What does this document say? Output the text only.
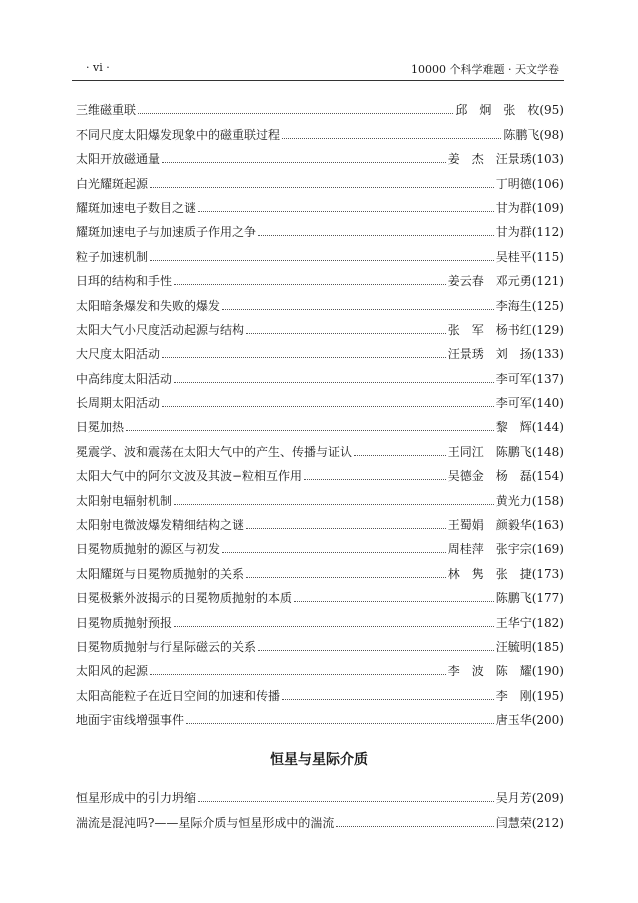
· vi ·	10000 个科学难题 · 天文学卷
三维磁重联	邱　炯　张　枚(95)
不同尺度太阳爆发现象中的磁重联过程	陈鹏飞(98)
太阳开放磁通量	姜　杰　汪景琇(103)
白光耀斑起源	丁明德(106)
耀斑加速电子数目之谜	甘为群(109)
耀斑加速电子与加速质子作用之争	甘为群(112)
粒子加速机制	吴桂平(115)
日珥的结构和手性	姜云春　邓元勇(121)
太阳暗条爆发和失败的爆发	李海生(125)
太阳大气小尺度活动起源与结构	张　军　杨书红(129)
大尺度太阳活动	汪景琇　刘　扬(133)
中高纬度太阳活动	李可军(137)
长周期太阳活动	李可军(140)
日冕加热	黎　辉(144)
冕震学、波和震荡在太阳大气中的产生、传播与证认	王同江　陈鹏飞(148)
太阳大气中的阿尔文波及其波−粒相互作用	吴德金　杨　磊(154)
太阳射电辐射机制	黄光力(158)
太阳射电微波爆发精细结构之谜	王蜀娟　颜毅华(163)
日冕物质抛射的源区与初发	周桂萍　张宇宗(169)
太阳耀斑与日冕物质抛射的关系	林　隽　张　捷(173)
日冕极紫外波揭示的日冕物质抛射的本质	陈鹏飞(177)
日冕物质抛射预报	王华宁(182)
日冕物质抛射与行星际磁云的关系	汪毓明(185)
太阳风的起源	李　波　陈　耀(190)
太阳高能粒子在近日空间的加速和传播	李　刚(195)
地面宇宙线增强事件	唐玉华(200)
恒星与星际介质
恒星形成中的引力坍缩	吴月芳(209)
湍流是混沌吗?——星际介质与恒星形成中的湍流	闫慧荣(212)
